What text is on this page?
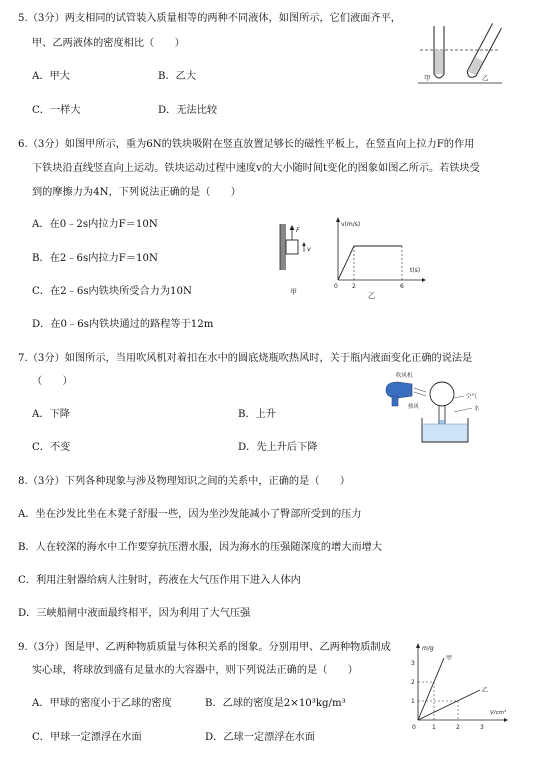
5.（3分）两支相同的试管装入质量相等的两种不同液体，如图所示，它们液面齐平，
甲、乙两液体的密度相比（　　）
A．甲大	B．乙大
C．一样大	D．无法比较
甲	乙
6.（3分）如图甲所示，重为6N的铁块吸附在竖直放置足够长的磁性平板上，在竖直向上拉力F的作用
下铁块沿直线竖直向上运动。铁块运动过程中速度v的大小随时间t变化的图象如图乙所示。若铁块受
到的摩擦力为4N，下列说法正确的是（　　）
A．在0﹣2s内拉力F＝10N
B．在2﹣6s内拉力F＝10N
C．在2﹣6s内铁块所受合力为10N
D．在0﹣6s内铁块通过的路程等于12m
F
v
甲
v(m/s)
t(s)
0 2	6
乙
7.（3分）如图所示，当用吹风机对着扣在水中的圆底烧瓶吹热风时，关于瓶内液面变化正确的说法是
（　　）
A．下降	B．上升
C．不变	D．先上升后下降
吹风机
热风
空气
水
8.（3分）下列各种现象与涉及物理知识之间的关系中，正确的是（　　）
A．坐在沙发比坐在木凳子舒服一些，因为坐沙发能减小了臀部所受到的压力
B．人在较深的海水中工作要穿抗压潜水服，因为海水的压强随深度的增大而增大
C．利用注射器给病人注射时，药液在大气压作用下进入人体内
D．三峡船闸中液面最终相平，因为利用了大气压强
9.（3分）图是甲、乙两种物质质量与体积关系的图象。分别用甲、乙两种物质制成
实心球，将球放到盛有足量水的大容器中，则下列说法正确的是（　　）
A．甲球的密度小于乙球的密度	B．乙球的密度是2×10³kg/m³
C．甲球一定漂浮在水面	D．乙球一定漂浮在水面
m/g
V/cm³
甲
乙
0	1	2	3
1
2
3
